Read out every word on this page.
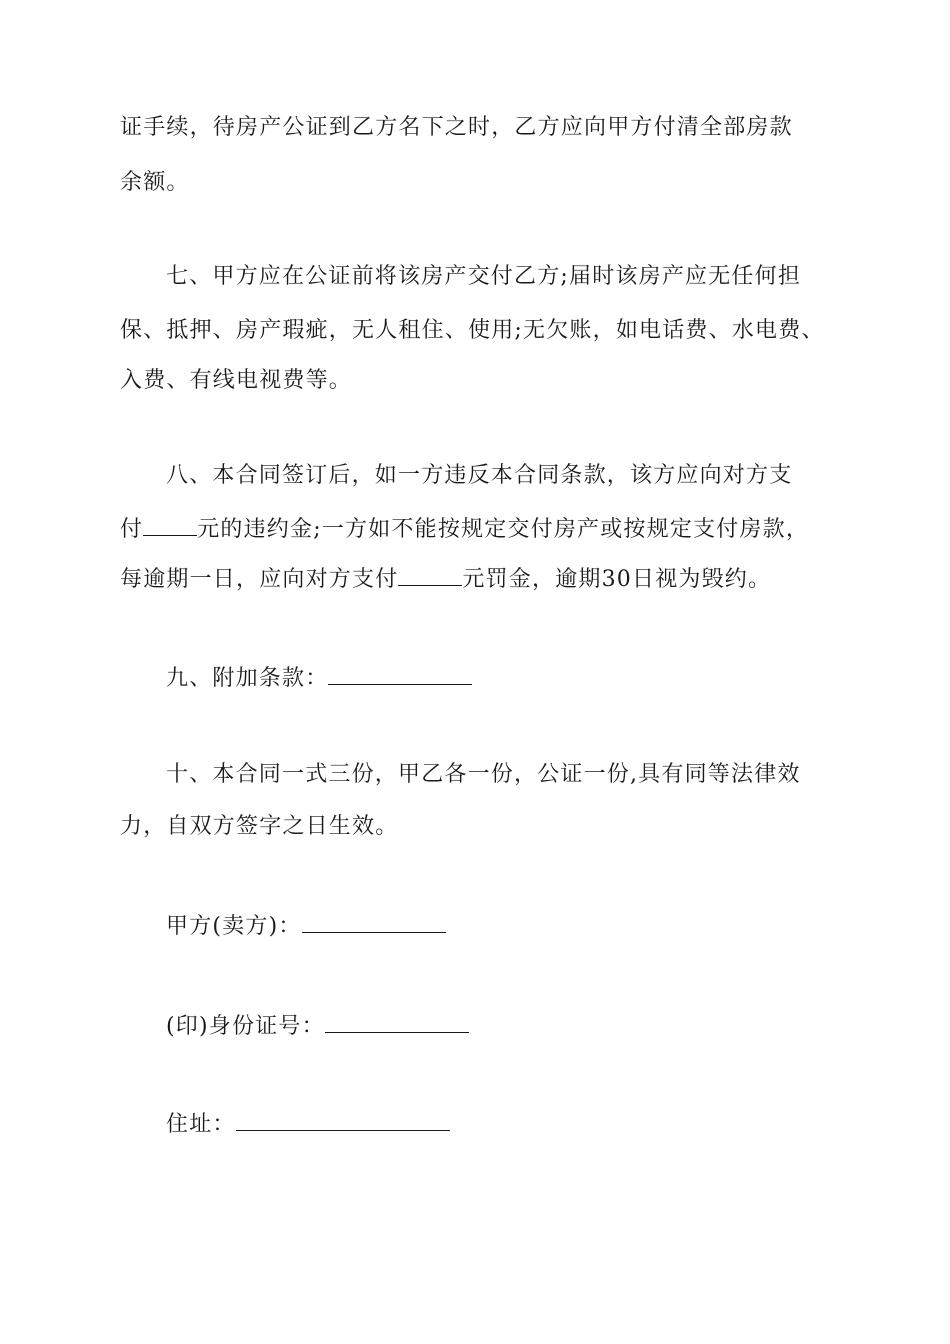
证手续，待房产公证到乙方名下之时，乙方应向甲方付清全部房款
余额。
七、甲方应在公证前将该房产交付乙方;届时该房产应无任何担
保、抵押、房产瑕疵，无人租住、使用;无欠账，如电话费、水电费、
入费、有线电视费等。
八、本合同签订后，如一方违反本合同条款，该方应向对方支
付 元的违约金;一方如不能按规定交付房产或按规定支付房款，
每逾期一日，应向对方支付	元罚金，逾期30日视为毁约。
九、附加条款：
十、本合同一式三份，甲乙各一份，公证一份,具有同等法律效
力，自双方签字之日生效。
甲方(卖方)：
(印)身份证号：
住址：
